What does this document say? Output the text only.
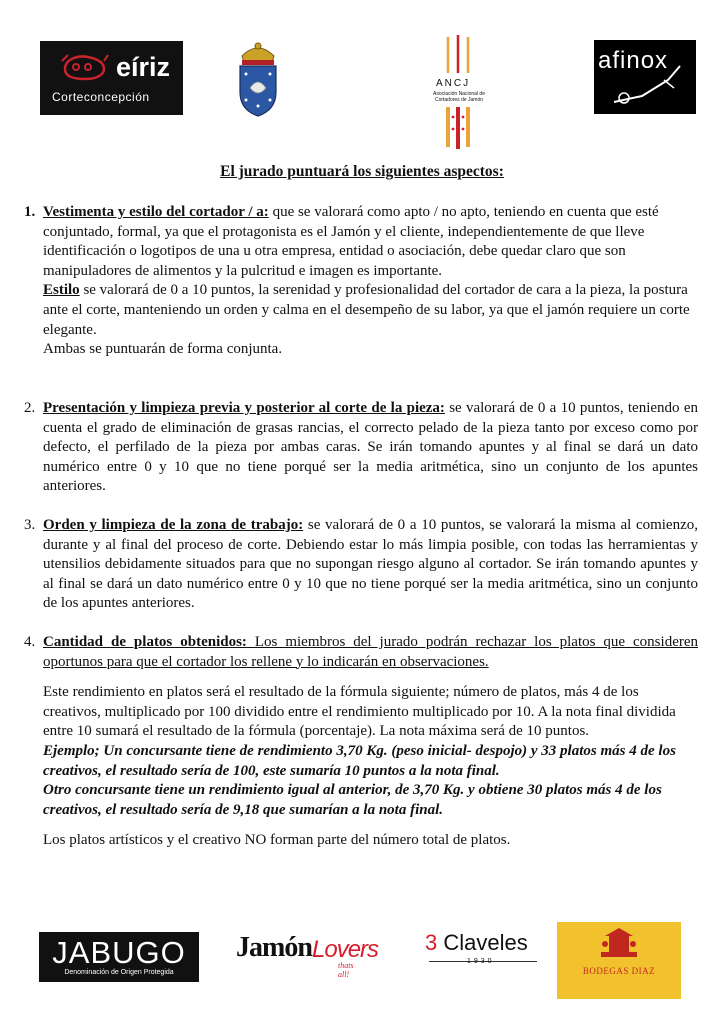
eíriz
Corteconcepción
ANCJ
Asociación Nacional de Cortadores de Jamón
afinox
El jurado puntuará los siguientes aspectos:
1. Vestimenta y estilo del cortador / a: que se valorará como apto / no apto, teniendo en cuenta que esté conjuntado, formal, ya que el protagonista es el Jamón y el cliente, independientemente de que lleve identificación o logotipos de una u otra empresa, entidad o asociación, debe quedar claro que son manipuladores de alimentos y la pulcritud e imagen es importante.

Estilo se valorará de 0 a 10 puntos, la serenidad y profesionalidad del cortador de cara a la pieza, la postura ante el corte, manteniendo un orden y calma en el desempeño de su labor, ya que el jamón requiere un corte elegante.

Ambas se puntuarán de forma conjunta.

2. Presentación y limpieza previa y posterior al corte de la pieza: se valorará de 0 a 10 puntos, teniendo en cuenta el grado de eliminación de grasas rancias, el correcto pelado de la pieza tanto por exceso como por defecto, el perfilado de la pieza por ambas caras. Se irán tomando apuntes y al final se dará un dato numérico entre 0 y 10 que no tiene porqué ser la media aritmética, sino un conjunto de los apuntes anteriores.

3. Orden y limpieza de la zona de trabajo: se valorará de 0 a 10 puntos, se valorará la misma al comienzo, durante y al final del proceso de corte. Debiendo estar lo más limpia posible, con todas las herramientas y utensilios debidamente situados para que no supongan riesgo alguno al cortador. Se irán tomando apuntes y al final se dará un dato numérico entre 0 y 10 que no tiene porqué ser la media aritmética, sino un conjunto de los apuntes anteriores.

4. Cantidad de platos obtenidos: Los miembros del jurado podrán rechazar los platos que consideren oportunos para que el cortador los rellene y lo indicarán en observaciones.

Este rendimiento en platos será el resultado de la fórmula siguiente; número de platos, más 4 de los creativos, multiplicado por 100 dividido entre el rendimiento multiplicado por 10. A la nota final dividida entre 10 sumará el resultado de la fórmula (porcentaje). La nota máxima será de 10 puntos.

Ejemplo; Un concursante tiene de rendimiento 3,70 Kg. (peso inicial- despojo) y 33 platos más 4 de los creativos, el resultado sería de 100, este sumaría 10 puntos a la nota final.

Otro concursante tiene un rendimiento igual al anterior, de 3,70 Kg. y obtiene 30 platos más 4 de los creativos, el resultado sería de 9,18 que sumarían a la nota final.

Los platos artísticos y el creativo NO forman parte del número total de platos.

JABUGO
Denominación de Origen Protegida
Jamón Lovers
thats all!
3 Claveles
1930
BODEGAS DIAZ
